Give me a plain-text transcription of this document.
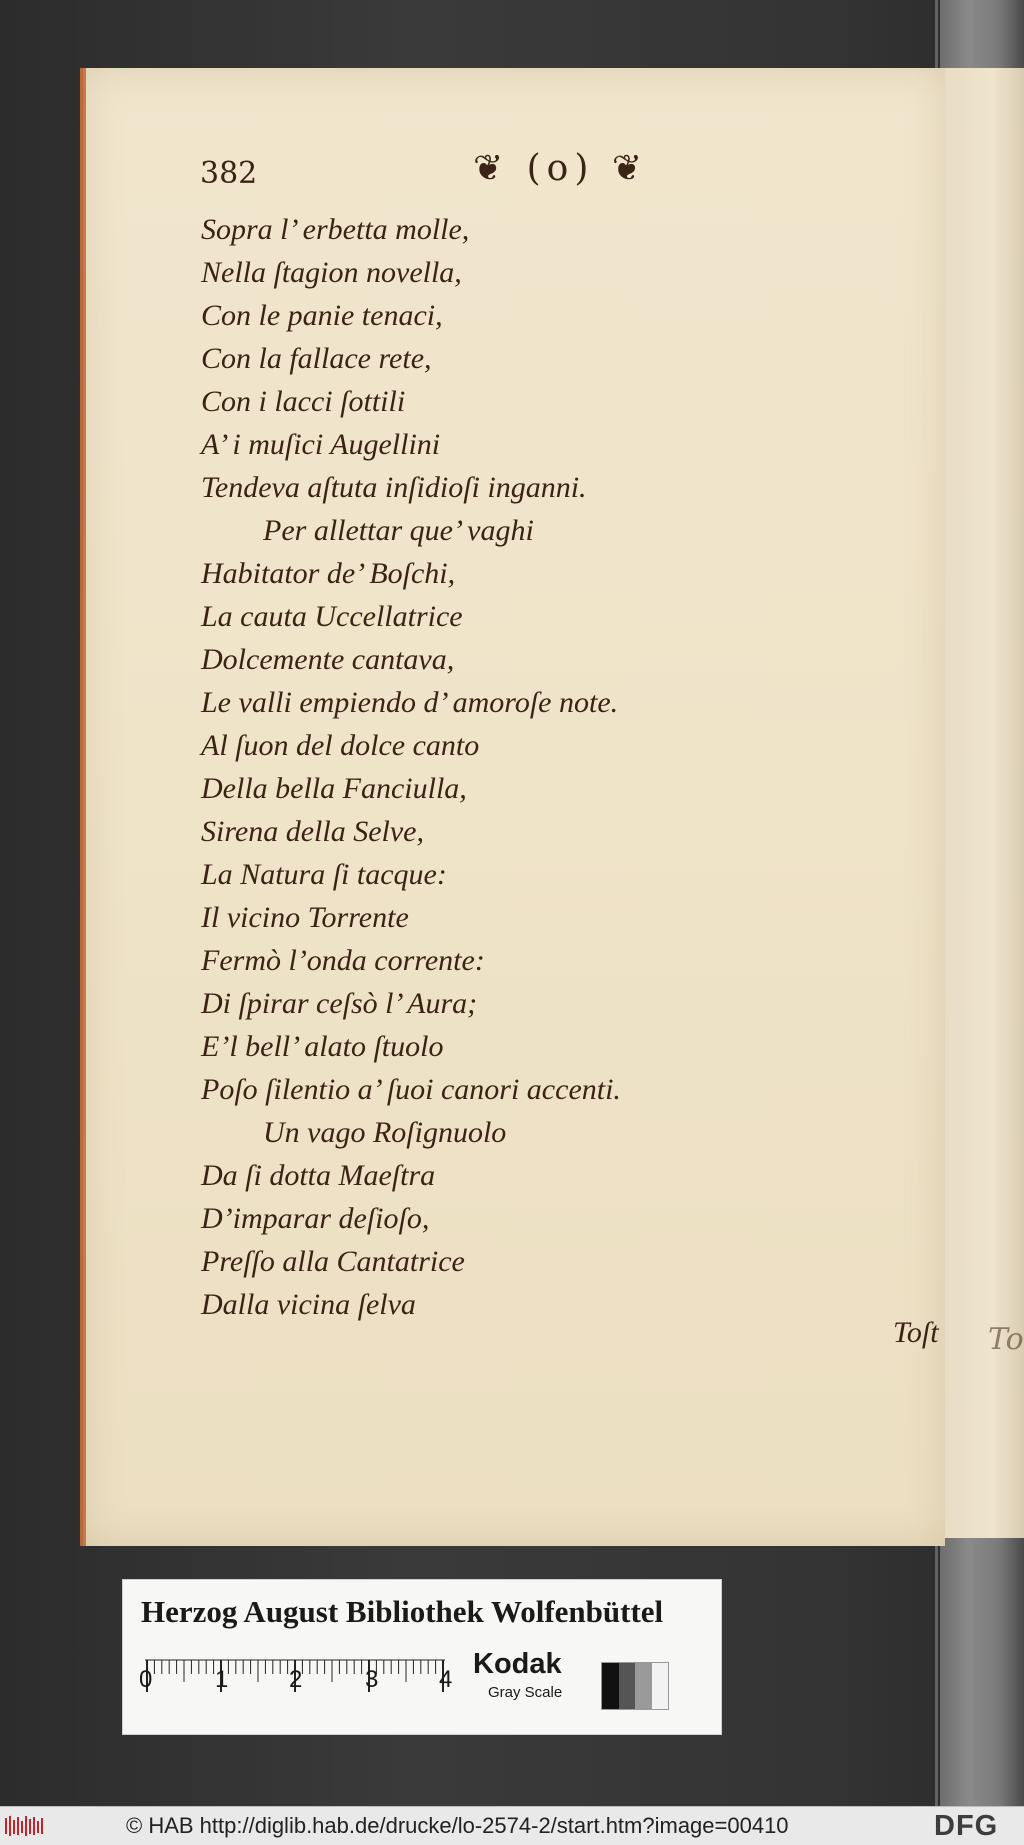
To
382	❦ (o) ❦
Sopra l’ erbetta molle,
Nella ſtagion novella,
Con le panie tenaci,
Con la fallace rete,
Con i lacci ſottili
A’ i muſici Augellini
Tendeva aſtuta inſidioſi inganni.
Per allettar que’ vaghi
Habitator de’ Boſchi,
La cauta Uccellatrice
Dolcemente cantava,
Le valli empiendo d’ amoroſe note.
Al ſuon del dolce canto
Della bella Fanciulla,
Sirena della Selve,
La Natura ſi tacque:
Il vicino Torrente
Fermò l’onda corrente:
Di ſpirar ceſsò l’ Aura;
E’l bell’ alato ſtuolo
Poſo ſilentio a’ ſuoi canori accenti.
Un vago Roſignuolo
Da ſi dotta Maeſtra
D’imparar deſioſo,
Preſſo alla Cantatrice
Dalla vicina ſelva
Toſt
Herzog August Bibliothek Wolfenbüttel
0	1	2	3	4 Kodak
Gray Scale
© HAB http://diglib.hab.de/drucke/lo-2574-2/start.htm?image=00410	DFG
